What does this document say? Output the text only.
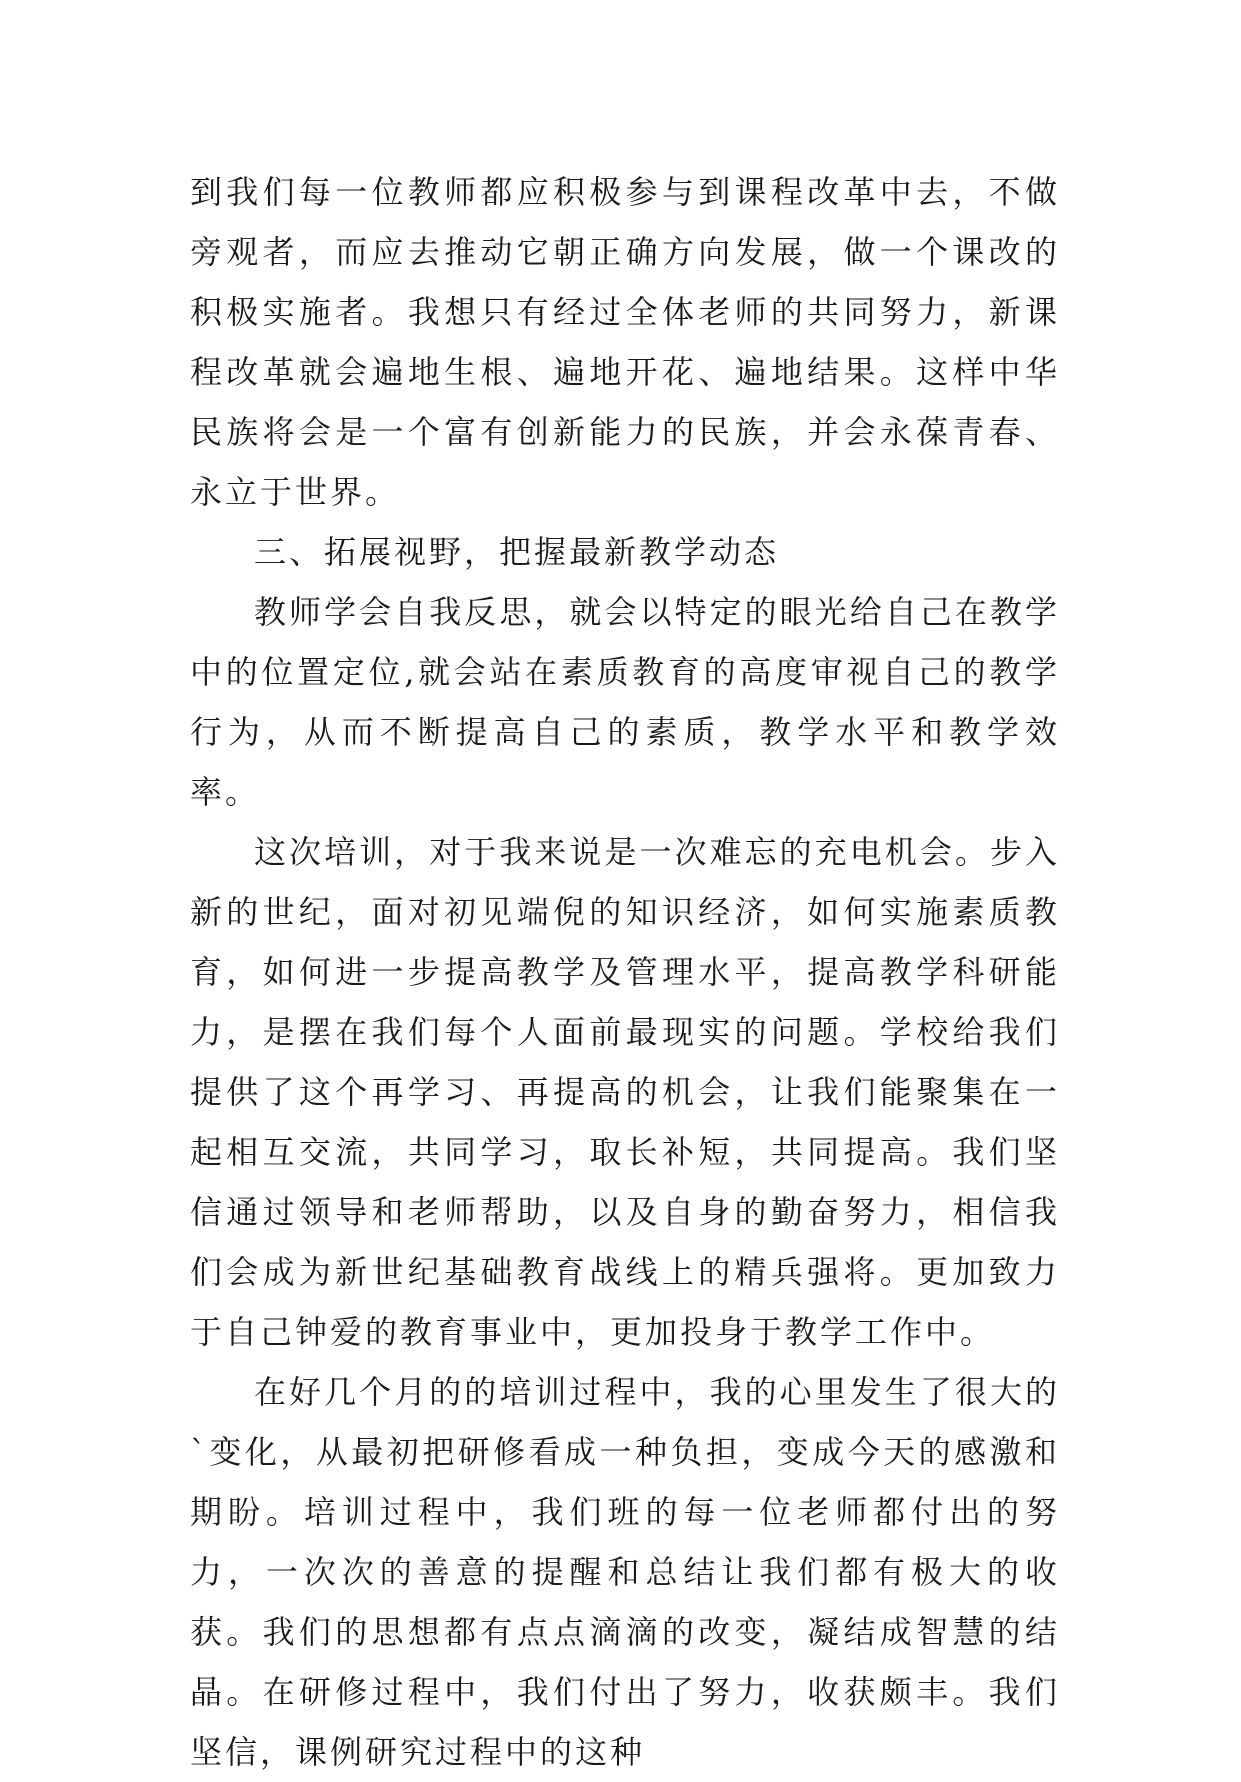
到我们每一位教师都应积极参与到课程改革中去，不做旁观者，而应去推动它朝正确方向发展，做一个课改的积极实施者。我想只有经过全体老师的共同努力，新课程改革就会遍地生根、遍地开花、遍地结果。这样中华民族将会是一个富有创新能力的民族，并会永葆青春、永立于世界。

三、拓展视野，把握最新教学动态

教师学会自我反思，就会以特定的眼光给自己在教学中的位置定位,就会站在素质教育的高度审视自己的教学行为，从而不断提高自己的素质，教学水平和教学效率。

这次培训，对于我来说是一次难忘的充电机会。步入新的世纪，面对初见端倪的知识经济，如何实施素质教育，如何进一步提高教学及管理水平，提高教学科研能力，是摆在我们每个人面前最现实的问题。学校给我们提供了这个再学习、再提高的机会，让我们能聚集在一起相互交流，共同学习，取长补短，共同提高。我们坚信通过领导和老师帮助，以及自身的勤奋努力，相信我们会成为新世纪基础教育战线上的精兵强将。更加致力于自己钟爱的教育事业中，更加投身于教学工作中。

在好几个月的的培训过程中，我的心里发生了很大的`变化，从最初把研修看成一种负担，变成今天的感激和期盼。培训过程中，我们班的每一位老师都付出的努力，一次次的善意的提醒和总结让我们都有极大的收获。我们的思想都有点点滴滴的改变，凝结成智慧的结晶。在研修过程中，我们付出了努力，收获颇丰。我们坚信，课例研究过程中的这种
